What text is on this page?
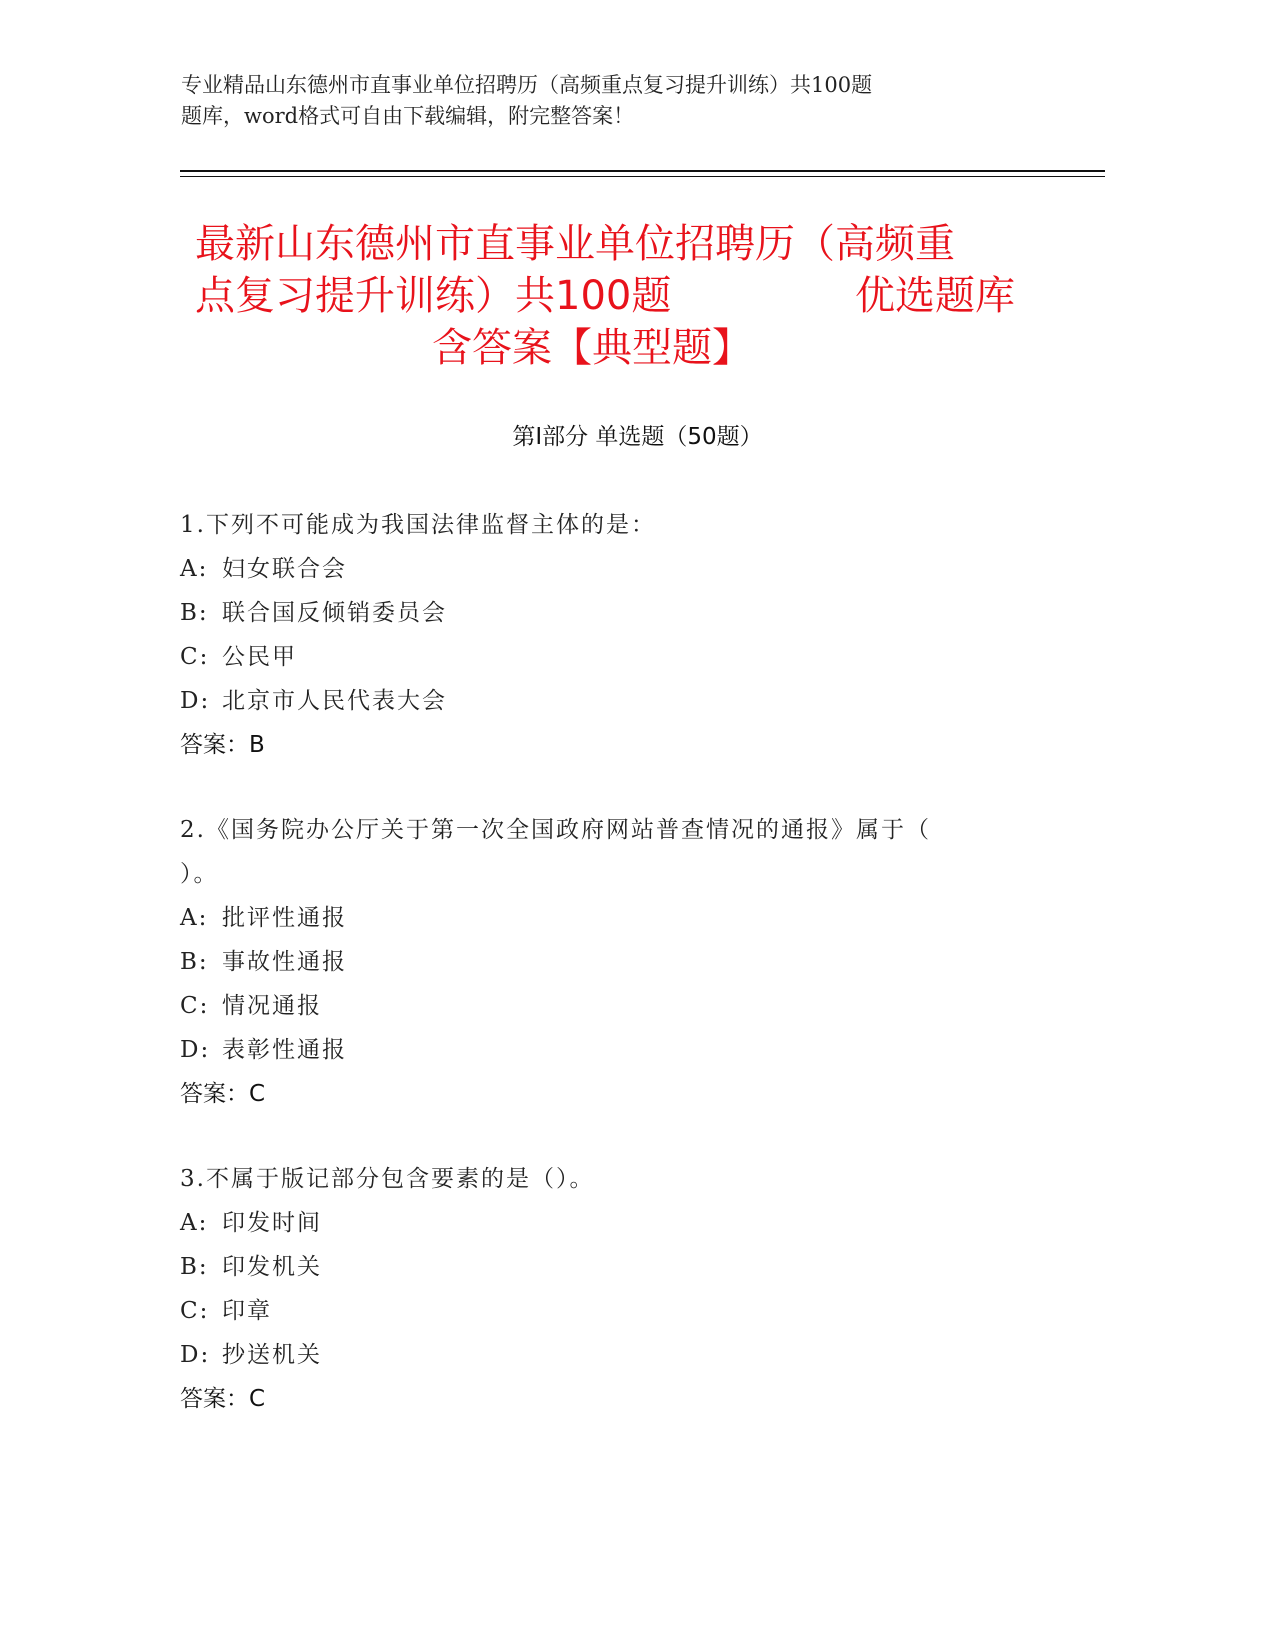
专业精品山东德州市直事业单位招聘历（高频重点复习提升训练）共100题
题库，word格式可自由下载编辑，附完整答案！
最新山东德州市直事业单位招聘历（高频重
点复习提升训练）共100题	优选题库
含答案【典型题】
第Ⅰ部分 单选题（50题）
1.下列不可能成为我国法律监督主体的是：
A: 妇女联合会
B: 联合国反倾销委员会
C: 公民甲
D: 北京市人民代表大会
答案：B
2.《国务院办公厅关于第一次全国政府网站普查情况的通报》属于（
）。
A: 批评性通报
B: 事故性通报
C: 情况通报
D: 表彰性通报
答案：C
3.不属于版记部分包含要素的是（）。
A: 印发时间
B: 印发机关
C: 印章
D: 抄送机关
答案：C
